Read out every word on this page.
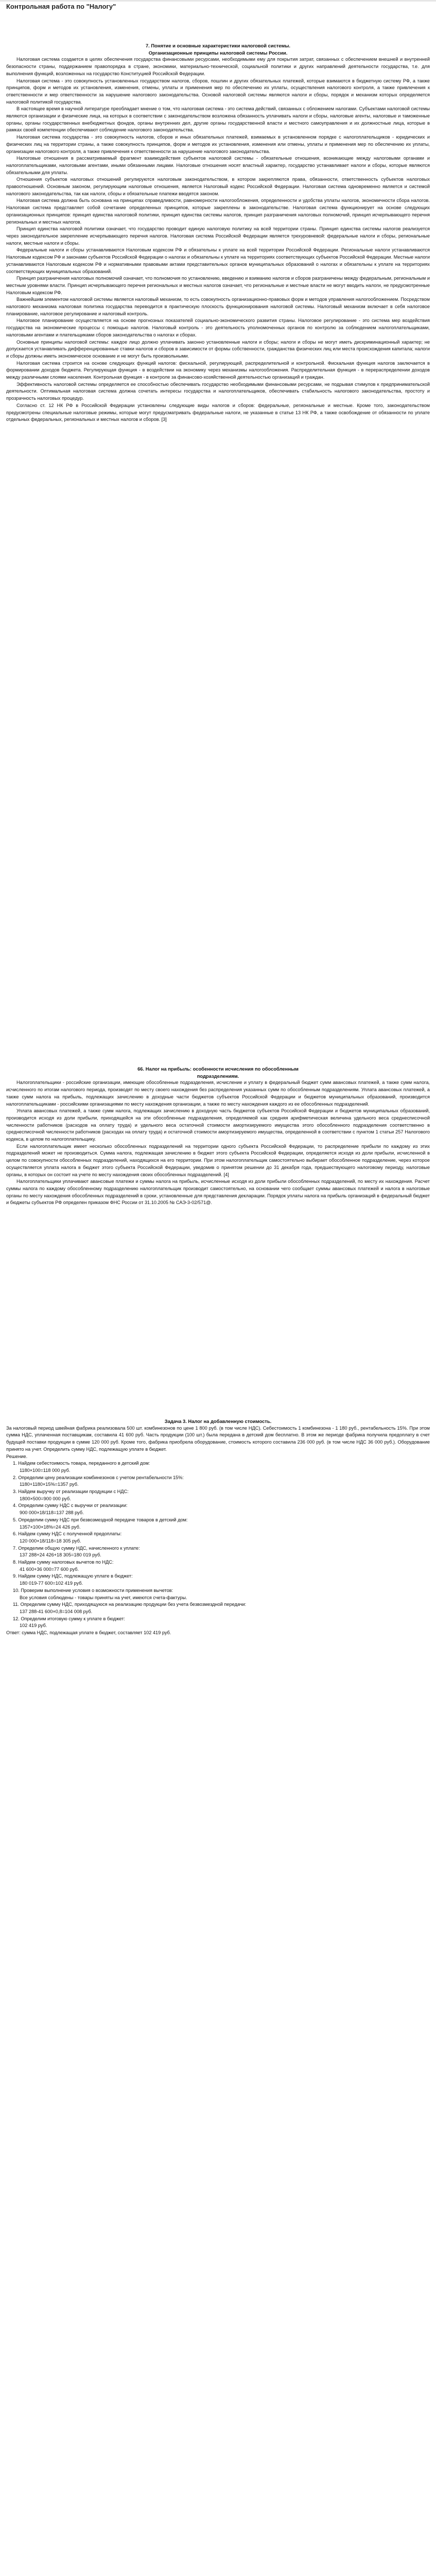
Контрольная работа по "Налогу"
7. Понятие и основные характеристики налоговой системы.
Организационные принципы налоговой системы России.

Налоговая система создается в целях обеспечения государства финансовыми ресурсами, необходимыми ему для покрытия затрат, связанных с обеспечением внешней и внутренней безопасности страны, поддержанием правопорядка в стране, экономики, материально-технической, социальной политики и других направлений деятельности государства, т.е. для выполнения функций, возложенных на государство Конституцией Российской Федерации.

Налоговая система - это совокупность установленных государством налогов, сборов, пошлин и других обязательных платежей, которые взимаются в бюджетную систему РФ, а также принципов, форм и методов их установления, изменения, отмены, уплаты и применения мер по обеспечению их уплаты, осуществления налогового контроля, а также привлечения к ответственности и мер ответственности за нарушение налогового законодательства. Основой налоговой системы являются налоги и сборы, порядок и механизм которых определяется налоговой политикой государства.

В настоящее время в научной литературе преобладает мнение о том, что налоговая система - это система действий, связанных с обложением налогами. Субъектами налоговой системы являются организации и физические лица, на которых в соответствии с законодательством возложена обязанность уплачивать налоги и сборы, налоговые агенты, налоговые и таможенные органы, органы государственных внебюджетных фондов, органы внутренних дел, другие органы государственной власти и местного самоуправления и их должностные лица, которые в рамках своей компетенции обеспечивают соблюдение налогового законодательства.

Налоговая система государства - это совокупность налогов, сборов и иных обязательных платежей, взимаемых в установленном порядке с налогоплательщиков - юридических и физических лиц на территории страны, а также совокупность принципов, форм и методов их установления, изменения или отмены, уплаты и применения мер по обеспечению их уплаты, организации налогового контроля, а также привлечения к ответственности за нарушение налогового законодательства.

Налоговые отношения в рассматриваемый фрагмент взаимодействия субъектов налоговой системы - обязательные отношения, возникающие между налоговыми органами и налогоплательщиками, налоговыми агентами, иными обязанными лицами. Налоговые отношения носят властный характер, государство устанавливает налоги и сборы, которые являются обязательными для уплаты.

Отношения субъектов налоговых отношений регулируются налоговым законодательством, в котором закрепляются права, обязанности, ответственность субъектов налоговых правоотношений. Основным законом, регулирующим налоговые отношения, является Налоговый кодекс Российской Федерации. Налоговая система одновременно является и системой налогового законодательства, так как налоги, сборы и обязательные платежи вводятся законом.

Налоговая система должна быть основана на принципах справедливости, равномерности налогообложения, определенности и удобства уплаты налогов, экономичности сбора налогов. Налоговая система представляет собой сочетание определенных принципов, которые закреплены в законодательстве. Налоговая система функционирует на основе следующих организационных принципов: принцип единства налоговой политики, принцип единства системы налогов, принцип разграничения налоговых полномочий, принцип исчерпывающего перечня региональных и местных налогов.

Принцип единства налоговой политики означает, что государство проводит единую налоговую политику на всей территории страны. Принцип единства системы налогов реализуется через законодательное закрепление исчерпывающего перечня налогов. Налоговая система Российской Федерации является трехуровневой: федеральные налоги и сборы, региональные налоги, местные налоги и сборы.

Федеральные налоги и сборы устанавливаются Налоговым кодексом РФ и обязательны к уплате на всей территории Российской Федерации. Региональные налоги устанавливаются Налоговым кодексом РФ и законами субъектов Российской Федерации о налогах и обязательны к уплате на территориях соответствующих субъектов Российской Федерации. Местные налоги устанавливаются Налоговым кодексом РФ и нормативными правовыми актами представительных органов муниципальных образований о налогах и обязательны к уплате на территориях соответствующих муниципальных образований.

Принцип разграничения налоговых полномочий означает, что полномочия по установлению, введению и взиманию налогов и сборов разграничены между федеральным, региональным и местным уровнями власти. Принцип исчерпывающего перечня региональных и местных налогов означает, что региональные и местные власти не могут вводить налоги, не предусмотренные Налоговым кодексом РФ.

Важнейшим элементом налоговой системы является налоговый механизм, то есть совокупность организационно-правовых форм и методов управления налогообложением. Посредством налогового механизма налоговая политика государства переводится в практическую плоскость функционирования налоговой системы. Налоговый механизм включает в себя налоговое планирование, налоговое регулирование и налоговый контроль.

Налоговое планирование осуществляется на основе прогнозных показателей социально-экономического развития страны. Налоговое регулирование - это система мер воздействия государства на экономические процессы с помощью налогов. Налоговый контроль - это деятельность уполномоченных органов по контролю за соблюдением налогоплательщиками, налоговыми агентами и плательщиками сборов законодательства о налогах и сборах.

Основные принципы налоговой системы: каждое лицо должно уплачивать законно установленные налоги и сборы; налоги и сборы не могут иметь дискриминационный характер; не допускается устанавливать дифференцированные ставки налогов и сборов в зависимости от формы собственности, гражданства физических лиц или места происхождения капитала; налоги и сборы должны иметь экономическое основание и не могут быть произвольными.

Налоговая система строится на основе следующих функций налогов: фискальной, регулирующей, распределительной и контрольной. Фискальная функция налогов заключается в формировании доходов бюджета. Регулирующая функция - в воздействии на экономику через механизмы налогообложения. Распределительная функция - в перераспределении доходов между различными слоями населения. Контрольная функция - в контроле за финансово-хозяйственной деятельностью организаций и граждан.

Эффективность налоговой системы определяется ее способностью обеспечивать государство необходимыми финансовыми ресурсами, не подрывая стимулов к предпринимательской деятельности. Оптимальная налоговая система должна сочетать интересы государства и налогоплательщиков, обеспечивать стабильность налогового законодательства, простоту и прозрачность налоговых процедур.

Согласно ст. 12 НК РФ в Российской Федерации установлены следующие виды налогов и сборов: федеральные, региональные и местные. Кроме того, законодательством предусмотрены специальные налоговые режимы, которые могут предусматривать федеральные налоги, не указанные в статье 13 НК РФ, а также освобождение от обязанности по уплате отдельных федеральных, региональных и местных налогов и сборов. [3]

66. Налог на прибыль: особенности исчисления по обособленным
подразделениям.

Налогоплательщики - российские организации, имеющие обособленные подразделения, исчисление и уплату в федеральный бюджет сумм авансовых платежей, а также сумм налога, исчисленного по итогам налогового периода, производят по месту своего нахождения без распределения указанных сумм по обособленным подразделениям. Уплата авансовых платежей, а также сумм налога на прибыль, подлежащих зачислению в доходные части бюджетов субъектов Российской Федерации и бюджетов муниципальных образований, производится налогоплательщиками - российскими организациями по месту нахождения организации, а также по месту нахождения каждого из ее обособленных подразделений.

Уплата авансовых платежей, а также сумм налога, подлежащих зачислению в доходную часть бюджетов субъектов Российской Федерации и бюджетов муниципальных образований, производится исходя из доли прибыли, приходящейся на эти обособленные подразделения, определяемой как средняя арифметическая величина удельного веса среднесписочной численности работников (расходов на оплату труда) и удельного веса остаточной стоимости амортизируемого имущества этого обособленного подразделения соответственно в среднесписочной численности работников (расходах на оплату труда) и остаточной стоимости амортизируемого имущества, определенной в соответствии с пунктом 1 статьи 257 Налогового кодекса, в целом по налогоплательщику.

Если налогоплательщик имеет несколько обособленных подразделений на территории одного субъекта Российской Федерации, то распределение прибыли по каждому из этих подразделений может не производиться. Сумма налога, подлежащая зачислению в бюджет этого субъекта Российской Федерации, определяется исходя из доли прибыли, исчисленной в целом по совокупности обособленных подразделений, находящихся на его территории. При этом налогоплательщик самостоятельно выбирает обособленное подразделение, через которое осуществляется уплата налога в бюджет этого субъекта Российской Федерации, уведомив о принятом решении до 31 декабря года, предшествующего налоговому периоду, налоговые органы, в которых он состоит на учете по месту нахождения своих обособленных подразделений. [4]

Налогоплательщики уплачивают авансовые платежи и суммы налога на прибыль, исчисленные исходя из доли прибыли обособленных подразделений, по месту их нахождения. Расчет суммы налога по каждому обособленному подразделению налогоплательщик производит самостоятельно, на основании чего сообщает суммы авансовых платежей и налога в налоговые органы по месту нахождения обособленных подразделений в сроки, установленные для представления декларации. Порядок уплаты налога на прибыль организаций в федеральный бюджет и бюджеты субъектов РФ определен приказом ФНС России от 31.10.2005 № САЭ-3-02/571@.

Задача 3. Налог на добавленную стоимость.

За налоговый период швейная фабрика реализовала 500 шт. комбинезонов по цене 1 800 руб. (в том числе НДС). Себестоимость 1 комбинезона - 1 180 руб., рентабельность 15%. При этом сумма НДС, уплаченная поставщикам, составила 41 600 руб. Часть продукции (100 шт.) была передана в детский дом бесплатно. В этом же периоде фабрика получила предоплату в счет будущей поставки продукции в сумме 120 000 руб. Кроме того, фабрика приобрела оборудование, стоимость которого составила 236 000 руб. (в том числе НДС 36 000 руб.). Оборудование принято на учет. Определить сумму НДС, подлежащую уплате в бюджет.

Решение.

1. Найдем себестоимость товара, переданного в детский дом:

1180×100=118 000 руб.

2. Определим цену реализации комбинезонов с учетом рентабельности 15%:

1180+1180×15%=1357 руб.

3. Найдем выручку от реализации продукции с НДС:

1800×500=900 000 руб.

4. Определим сумму НДС с выручки от реализации:

900 000×18/118=137 288 руб.

5. Определим сумму НДС при безвозмездной передаче товаров в детский дом:

1357×100×18%=24 426 руб.

6. Найдем сумму НДС с полученной предоплаты:

120 000×18/118=18 305 руб.

7. Определим общую сумму НДС, начисленного к уплате:

137 288+24 426+18 305=180 019 руб.

8. Найдем сумму налоговых вычетов по НДС:

41 600+36 000=77 600 руб.

9. Найдем сумму НДС, подлежащую уплате в бюджет:

180 019-77 600=102 419 руб.

10. Проверим выполнение условия о возможности применения вычетов:

Все условия соблюдены - товары приняты на учет, имеются счета-фактуры.

11. Определим сумму НДС, приходящуюся на реализацию продукции без учета безвозмездной передачи:

137 288-41 600×0,8=104 008 руб.

12. Определим итоговую сумму к уплате в бюджет:

102 419 руб.

Ответ: сумма НДС, подлежащая уплате в бюджет, составляет 102 419 руб.
